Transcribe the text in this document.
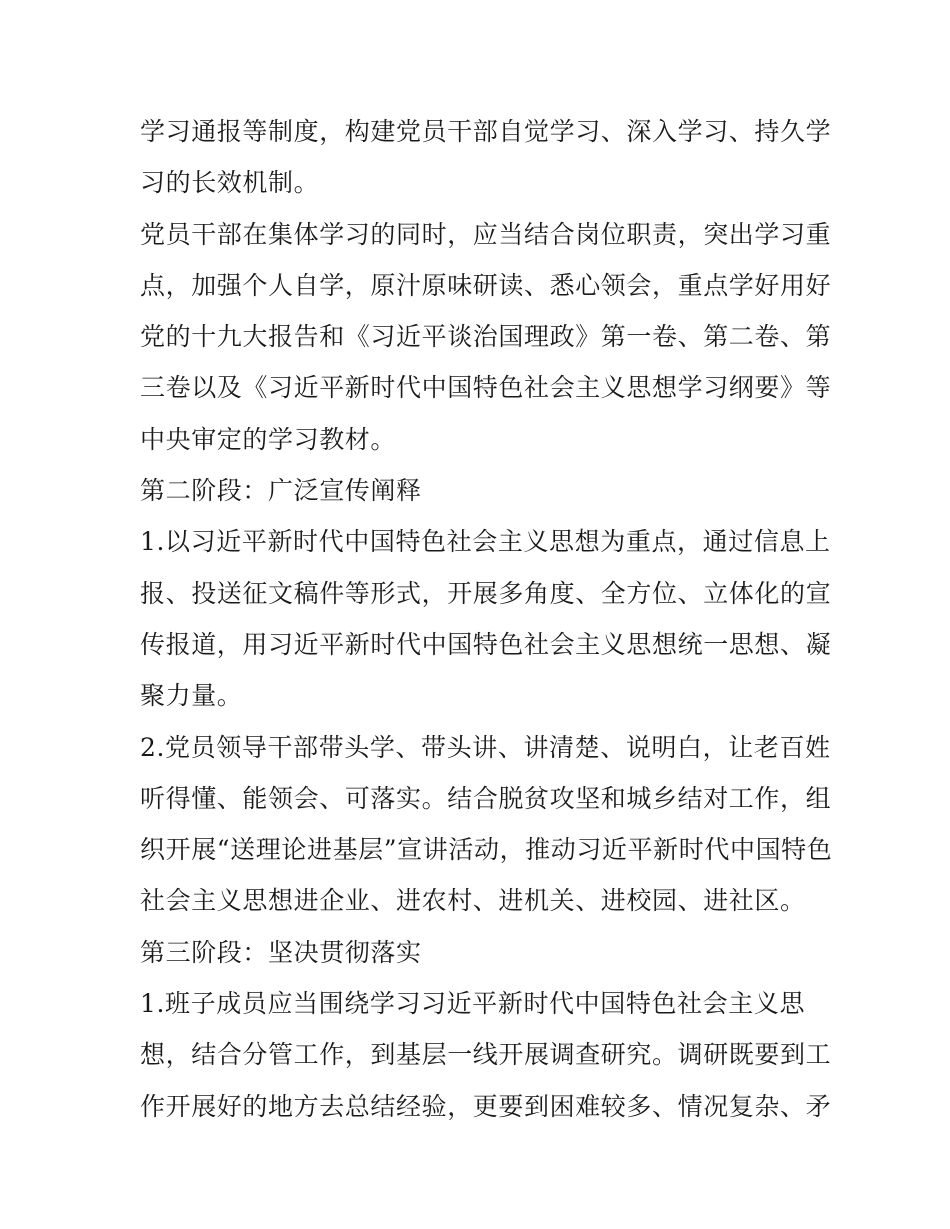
学习通报等制度，构建党员干部自觉学习、深入学习、持久学
习的长效机制。
党员干部在集体学习的同时，应当结合岗位职责，突出学习重
点，加强个人自学，原汁原味研读、悉心领会，重点学好用好
党的十九大报告和《习近平谈治国理政》第一卷、第二卷、第
三卷以及《习近平新时代中国特色社会主义思想学习纲要》等
中央审定的学习教材。
第二阶段：广泛宣传阐释
1.以习近平新时代中国特色社会主义思想为重点，通过信息上
报、投送征文稿件等形式，开展多角度、全方位、立体化的宣
传报道，用习近平新时代中国特色社会主义思想统一思想、凝
聚力量。
2.党员领导干部带头学、带头讲、讲清楚、说明白，让老百姓
听得懂、能领会、可落实。结合脱贫攻坚和城乡结对工作，组
织开展“送理论进基层”宣讲活动，推动习近平新时代中国特色
社会主义思想进企业、进农村、进机关、进校园、进社区。
第三阶段：坚决贯彻落实
1.班子成员应当围绕学习习近平新时代中国特色社会主义思
想，结合分管工作，到基层一线开展调查研究。调研既要到工
作开展好的地方去总结经验，更要到困难较多、情况复杂、矛
